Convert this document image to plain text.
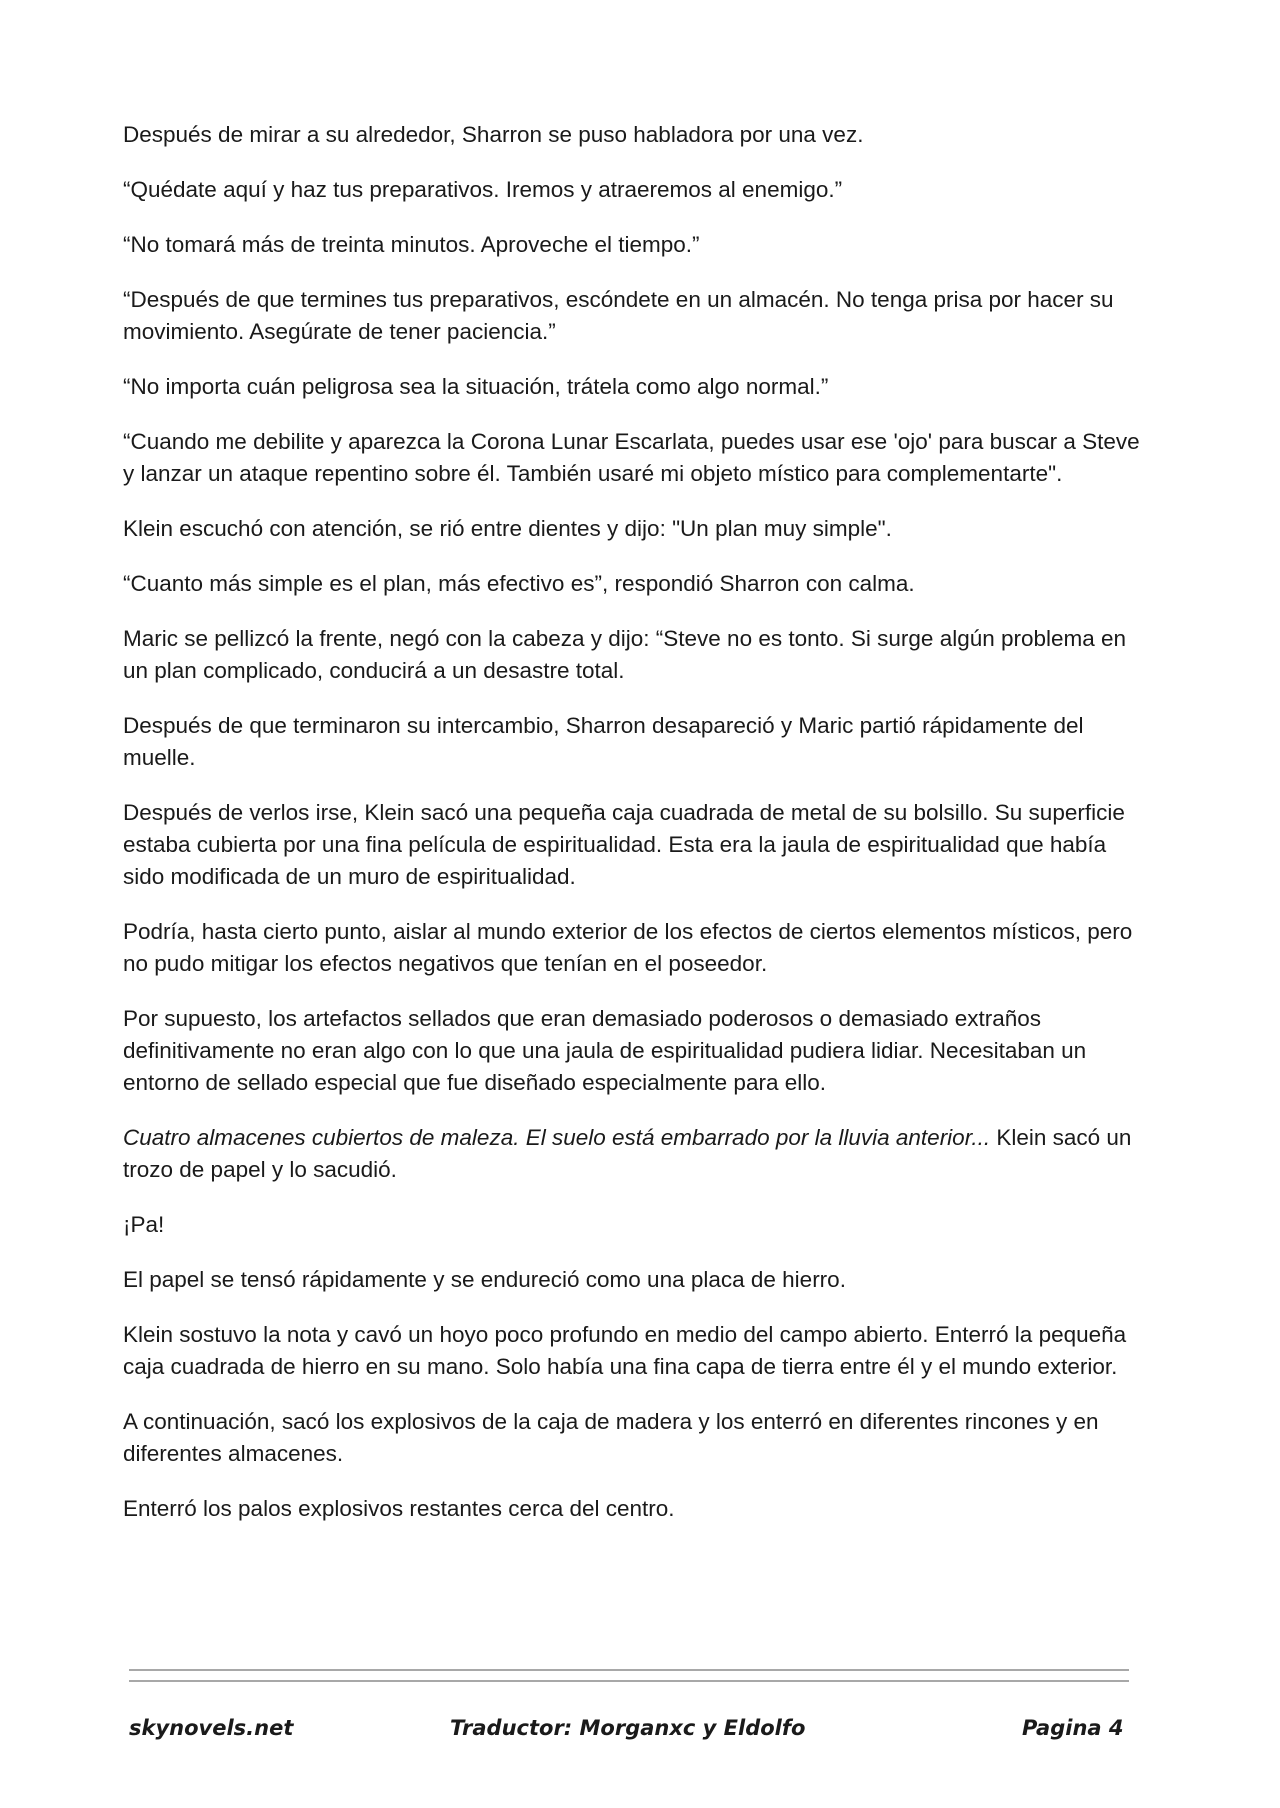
Después de mirar a su alrededor, Sharron se puso habladora por una vez.

“Quédate aquí y haz tus preparativos. Iremos y atraeremos al enemigo.”

“No tomará más de treinta minutos. Aproveche el tiempo.”

“Después de que termines tus preparativos, escóndete en un almacén. No tenga prisa por hacer su movimiento. Asegúrate de tener paciencia.”

“No importa cuán peligrosa sea la situación, trátela como algo normal.”

“Cuando me debilite y aparezca la Corona Lunar Escarlata, puedes usar ese 'ojo' para buscar a Steve y lanzar un ataque repentino sobre él. También usaré mi objeto místico para complementarte".

Klein escuchó con atención, se rió entre dientes y dijo: "Un plan muy simple".

“Cuanto más simple es el plan, más efectivo es”, respondió Sharron con calma.

Maric se pellizcó la frente, negó con la cabeza y dijo: “Steve no es tonto. Si surge algún problema en un plan complicado, conducirá a un desastre total.

Después de que terminaron su intercambio, Sharron desapareció y Maric partió rápidamente del muelle.

Después de verlos irse, Klein sacó una pequeña caja cuadrada de metal de su bolsillo. Su superficie estaba cubierta por una fina película de espiritualidad. Esta era la jaula de espiritualidad que había sido modificada de un muro de espiritualidad.

Podría, hasta cierto punto, aislar al mundo exterior de los efectos de ciertos elementos místicos, pero no pudo mitigar los efectos negativos que tenían en el poseedor.

Por supuesto, los artefactos sellados que eran demasiado poderosos o demasiado extraños definitivamente no eran algo con lo que una jaula de espiritualidad pudiera lidiar. Necesitaban un entorno de sellado especial que fue diseñado especialmente para ello.

Cuatro almacenes cubiertos de maleza. El suelo está embarrado por la lluvia anterior... Klein sacó un trozo de papel y lo sacudió.

¡Pa!

El papel se tensó rápidamente y se endureció como una placa de hierro.

Klein sostuvo la nota y cavó un hoyo poco profundo en medio del campo abierto. Enterró la pequeña caja cuadrada de hierro en su mano. Solo había una fina capa de tierra entre él y el mundo exterior.

A continuación, sacó los explosivos de la caja de madera y los enterró en diferentes rincones y en diferentes almacenes.

Enterró los palos explosivos restantes cerca del centro.

skynovels.net	Traductor: Morganxc y Eldolfo	Pagina 4
